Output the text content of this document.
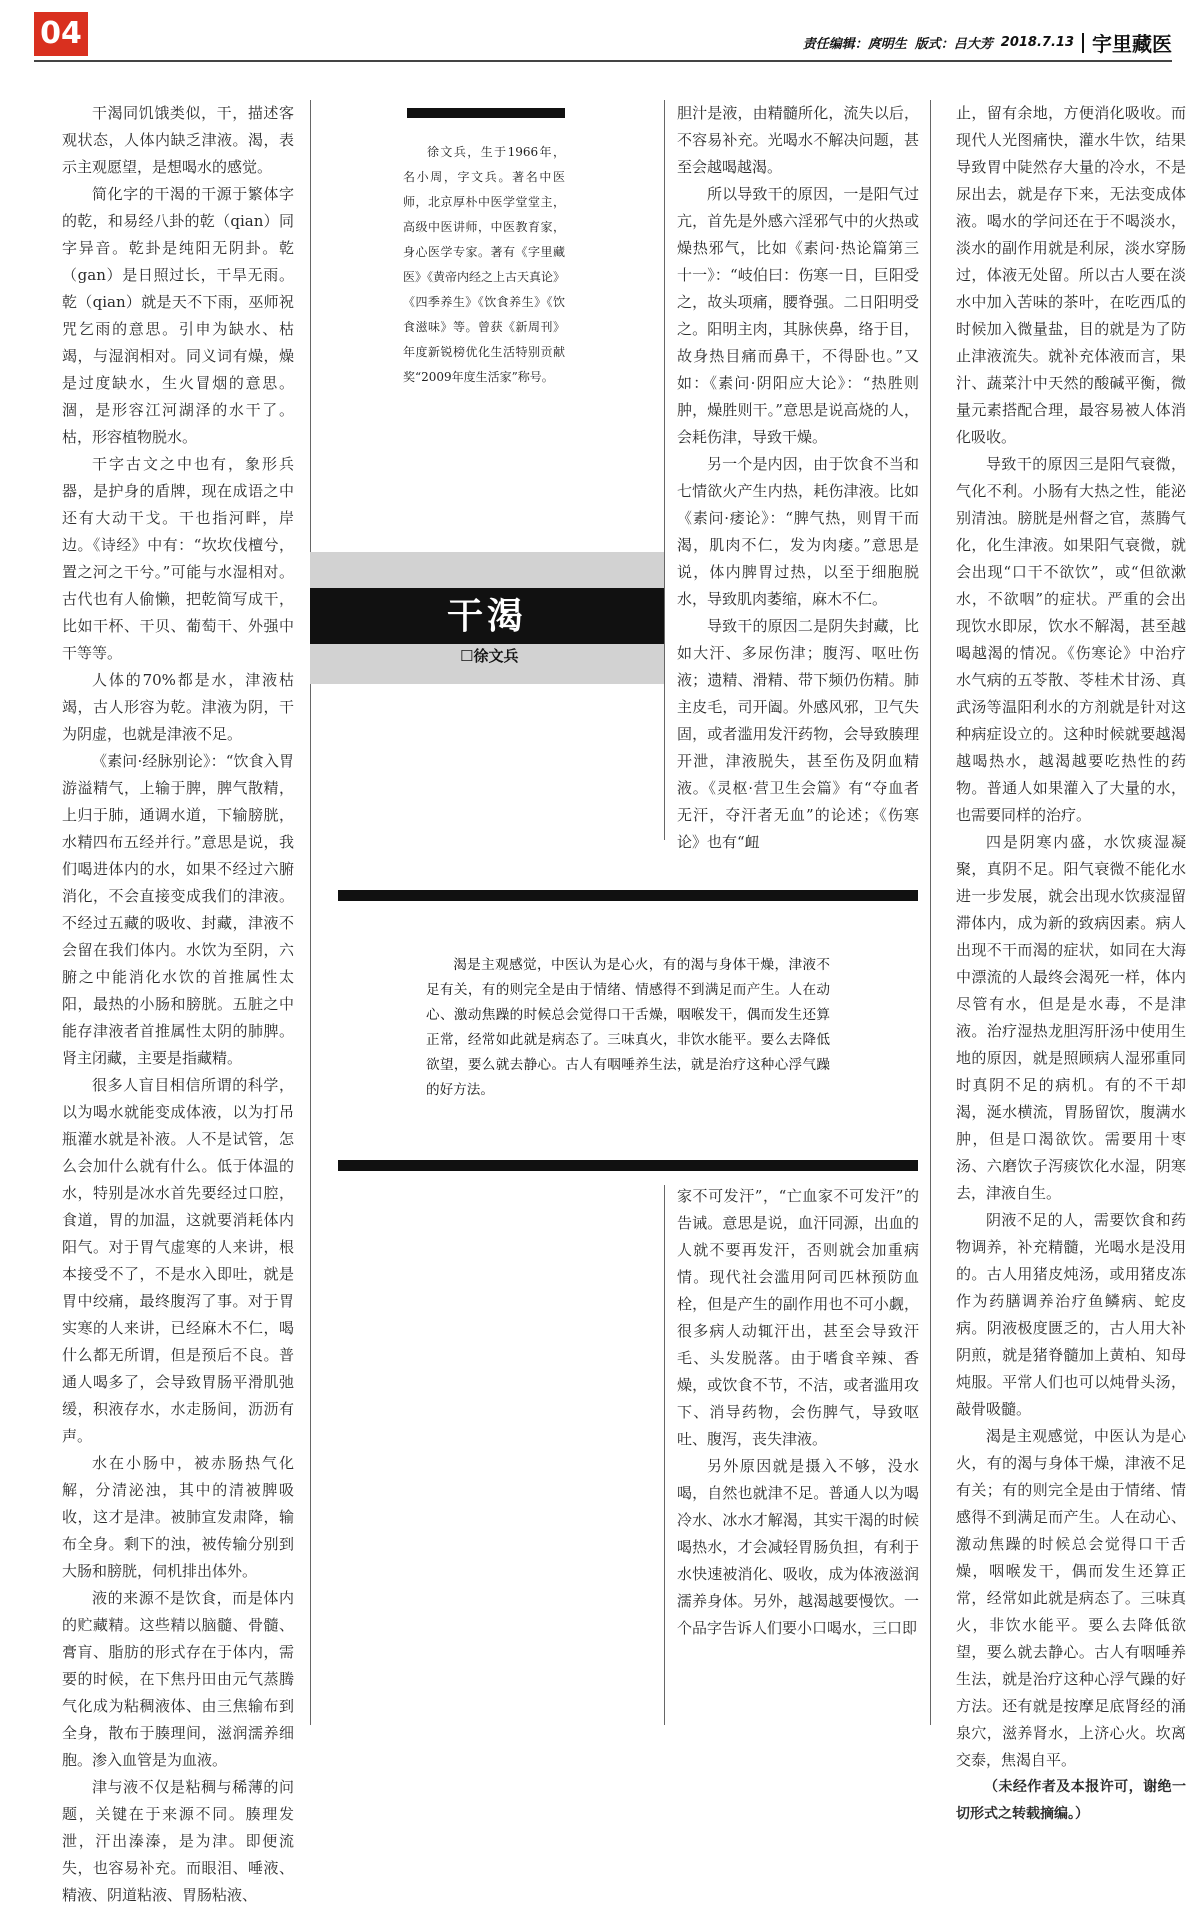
04	责任编辑：庹明生 版式：吕大芳 2018.7.13 宇里藏医

干渴同饥饿类似，干，描述客观状态，人体内缺乏津液。渴，表示主观愿望，是想喝水的感觉。

简化字的干渴的干源于繁体字的乾，和易经八卦的乾（qian）同字异音。乾卦是纯阳无阴卦。乾（gan）是日照过长，干旱无雨。乾（qian）就是天不下雨，巫师祝咒乞雨的意思。引申为缺水、枯竭，与湿润相对。同义词有燥，燥是过度缺水，生火冒烟的意思。涸，是形容江河湖泽的水干了。枯，形容植物脱水。

干字古文之中也有，象形兵器，是护身的盾牌，现在成语之中还有大动干戈。干也指河畔，岸边。《诗经》中有：“坎坎伐檀兮，置之河之干兮。”可能与水湿相对。古代也有人偷懒，把乾简写成干，比如干杯、干贝、葡萄干、外强中干等等。

人体的70%都是水，津液枯竭，古人形容为乾。津液为阴，干为阴虚，也就是津液不足。

《素问·经脉别论》：“饮食入胃游溢精气，上输于脾，脾气散精，上归于肺，通调水道，下输膀胱，水精四布五经并行。”意思是说，我们喝进体内的水，如果不经过六腑消化，不会直接变成我们的津液。不经过五藏的吸收、封藏，津液不会留在我们体内。水饮为至阴，六腑之中能消化水饮的首推属性太阳，最热的小肠和膀胱。五脏之中能存津液者首推属性太阴的肺脾。肾主闭藏，主要是指藏精。

很多人盲目相信所谓的科学，以为喝水就能变成体液，以为打吊瓶灌水就是补液。人不是试管，怎么会加什么就有什么。低于体温的水，特别是冰水首先要经过口腔，食道，胃的加温，这就要消耗体内阳气。对于胃气虚寒的人来讲，根本接受不了，不是水入即吐，就是胃中绞痛，最终腹泻了事。对于胃实寒的人来讲，已经麻木不仁，喝什么都无所谓，但是预后不良。普通人喝多了，会导致胃肠平滑肌弛缓，积液存水，水走肠间，沥沥有声。

水在小肠中，被赤肠热气化解，分清泌浊，其中的清被脾吸收，这才是津。被肺宣发肃降，输布全身。剩下的浊，被传输分别到大肠和膀胱，伺机排出体外。

液的来源不是饮食，而是体内的贮藏精。这些精以脑髓、骨髓、膏肓、脂肪的形式存在于体内，需要的时候，在下焦丹田由元气蒸腾气化成为粘稠液体、由三焦输布到全身，散布于腠理间，滋润濡养细胞。渗入血管是为血液。

津与液不仅是粘稠与稀薄的问题，关键在于来源不同。腠理发泄，汗出溱溱，是为津。即便流失，也容易补充。而眼泪、唾液、精液、阴道粘液、胃肠粘液、

徐文兵，生于1966年，名小周，字文兵。著名中医师，北京厚朴中医学堂堂主，高级中医讲师，中医教育家，身心医学专家。著有《字里藏医》《黄帝内经之上古天真论》《四季养生》《饮食养生》《饮食滋味》等。曾获《新周刊》年度新锐榜优化生活特别贡献奖“2009年度生活家”称号。

干渴
☐徐文兵

胆汁是液，由精髓所化，流失以后，不容易补充。光喝水不解决问题，甚至会越喝越渴。

所以导致干的原因，一是阳气过亢，首先是外感六淫邪气中的火热或燥热邪气，比如《素问·热论篇第三十一》：“岐伯曰：伤寒一日，巨阳受之，故头项痛，腰脊强。二日阳明受之。阳明主肉，其脉侠鼻，络于目，故身热目痛而鼻干，不得卧也。”又如：《素问·阴阳应大论》：“热胜则肿，燥胜则干。”意思是说高烧的人，会耗伤津，导致干燥。

另一个是内因，由于饮食不当和七情欲火产生内热，耗伤津液。比如《素问·痿论》：“脾气热，则胃干而渴，肌肉不仁，发为肉痿。”意思是说，体内脾胃过热，以至于细胞脱水，导致肌肉萎缩，麻木不仁。

导致干的原因二是阴失封藏，比如大汗、多尿伤津；腹泻、呕吐伤液；遗精、滑精、带下频仍伤精。肺主皮毛，司开阖。外感风邪，卫气失固，或者滥用发汗药物，会导致腠理开泄，津液脱失，甚至伤及阴血精液。《灵枢·营卫生会篇》有“夺血者无汗，夺汗者无血”的论述；《伤寒论》也有“衄

渴是主观感觉，中医认为是心火，有的渴与身体干燥，津液不足有关，有的则完全是由于情绪、情感得不到满足而产生。人在动心、激动焦躁的时候总会觉得口干舌燥，咽喉发干，偶而发生还算正常，经常如此就是病态了。三味真火，非饮水能平。要么去降低欲望，要么就去静心。古人有咽唾养生法，就是治疗这种心浮气躁的好方法。

家不可发汗”，“亡血家不可发汗”的告诫。意思是说，血汗同源，出血的人就不要再发汗，否则就会加重病情。现代社会滥用阿司匹林预防血栓，但是产生的副作用也不可小觑，很多病人动辄汗出，甚至会导致汗毛、头发脱落。由于嗜食辛辣、香燥，或饮食不节，不洁，或者滥用攻下、消导药物，会伤脾气，导致呕吐、腹泻，丧失津液。

另外原因就是摄入不够，没水喝，自然也就津不足。普通人以为喝冷水、冰水才解渴，其实干渴的时候喝热水，才会减轻胃肠负担，有利于水快速被消化、吸收，成为体液滋润濡养身体。另外，越渴越要慢饮。一个品字告诉人们要小口喝水，三口即

止，留有余地，方便消化吸收。而现代人光图痛快，灌水牛饮，结果导致胃中陡然存大量的冷水，不是尿出去，就是存下来，无法变成体液。喝水的学问还在于不喝淡水，淡水的副作用就是利尿，淡水穿肠过，体液无处留。所以古人要在淡水中加入苦味的茶叶，在吃西瓜的时候加入微量盐，目的就是为了防止津液流失。就补充体液而言，果汁、蔬菜汁中天然的酸碱平衡，微量元素搭配合理，最容易被人体消化吸收。

导致干的原因三是阳气衰微，气化不利。小肠有大热之性，能泌别清浊。膀胱是州督之官，蒸腾气化，化生津液。如果阳气衰微，就会出现“口干不欲饮”，或“但欲漱水，不欲咽”的症状。严重的会出现饮水即尿，饮水不解渴，甚至越喝越渴的情况。《伤寒论》中治疗水气病的五苓散、苓桂术甘汤、真武汤等温阳利水的方剂就是针对这种病症设立的。这种时候就要越渴越喝热水，越渴越要吃热性的药物。普通人如果灌入了大量的水，也需要同样的治疗。

四是阴寒内盛，水饮痰湿凝聚，真阴不足。阳气衰微不能化水进一步发展，就会出现水饮痰湿留滞体内，成为新的致病因素。病人出现不干而渴的症状，如同在大海中漂流的人最终会渴死一样，体内尽管有水，但是是水毒，不是津液。治疗湿热龙胆泻肝汤中使用生地的原因，就是照顾病人湿邪重同时真阴不足的病机。有的不干却渴，涎水横流，胃肠留饮，腹满水肿，但是口渴欲饮。需要用十枣汤、六磨饮子泻痰饮化水湿，阴寒去，津液自生。

阴液不足的人，需要饮食和药物调养，补充精髓，光喝水是没用的。古人用猪皮炖汤，或用猪皮冻作为药膳调养治疗鱼鳞病、蛇皮病。阴液极度匮乏的，古人用大补阴煎，就是猪脊髓加上黄柏、知母炖服。平常人们也可以炖骨头汤，敲骨吸髓。

渴是主观感觉，中医认为是心火，有的渴与身体干燥，津液不足有关；有的则完全是由于情绪、情感得不到满足而产生。人在动心、激动焦躁的时候总会觉得口干舌燥，咽喉发干，偶而发生还算正常，经常如此就是病态了。三味真火，非饮水能平。要么去降低欲望，要么就去静心。古人有咽唾养生法，就是治疗这种心浮气躁的好方法。还有就是按摩足底肾经的涌泉穴，滋养肾水，上济心火。坎离交泰，焦渴自平。

（未经作者及本报许可，谢绝一切形式之转载摘编。）
